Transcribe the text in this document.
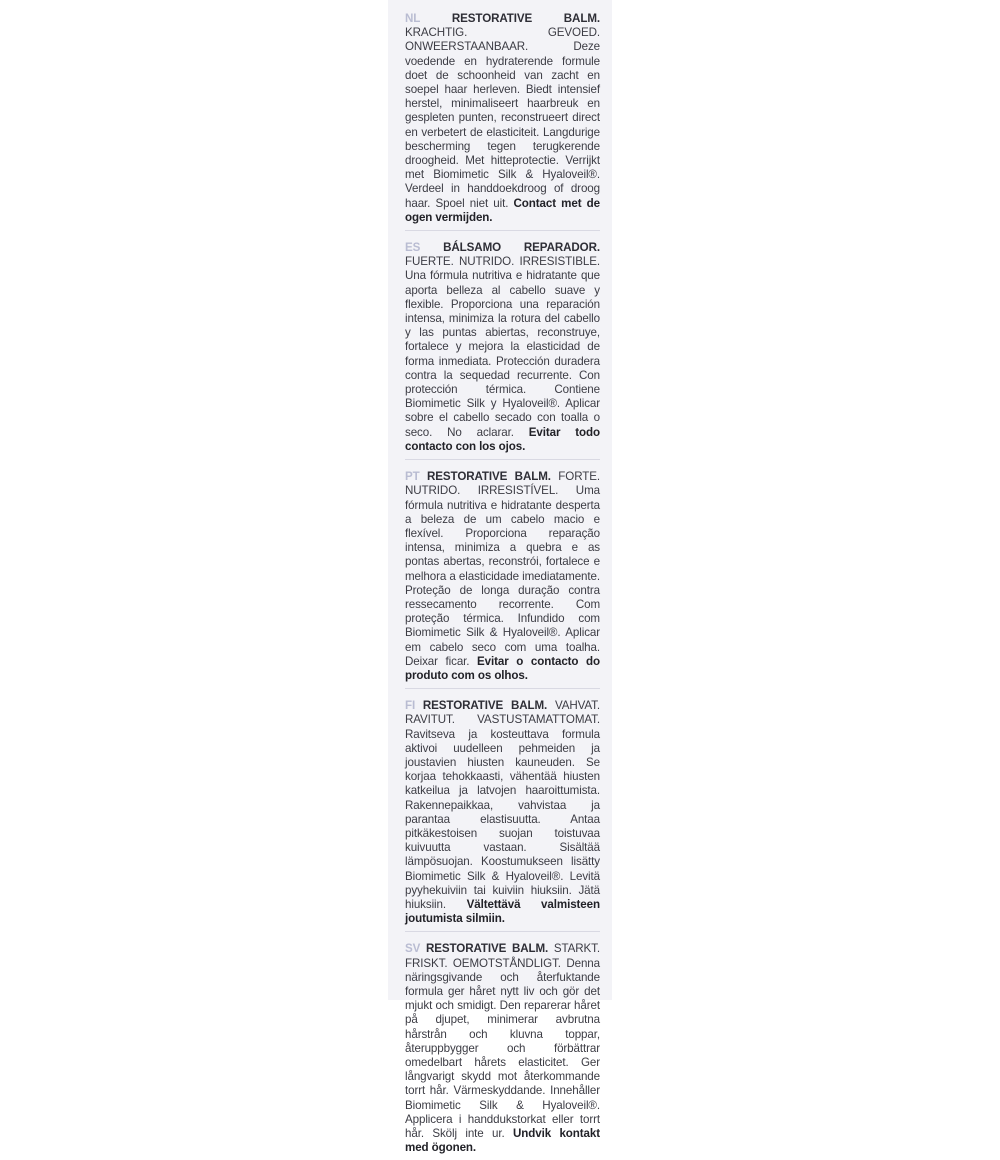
NL	RESTORATIVE BALM. KRACHTIG. GEVOED. ONWEERSTAANBAAR. Deze voedende en hydraterende formule doet de schoonheid van zacht en soepel haar herleven. Biedt intensief herstel, minimaliseert haarbreuk en gespleten punten, reconstrueert direct en verbetert de elasticiteit. Langdurige bescherming tegen terugkerende droogheid. Met hitteprotectie. Verrijkt met Biomimetic Silk & Hyaloveil®. Verdeel in handdoekdroog of droog haar. Spoel niet uit. Contact met de ogen vermijden.

ES BÁLSAMO REPARADOR. FUERTE. NUTRIDO. IRRESISTIBLE. Una fórmula nutritiva e hidratante que aporta belleza al cabello suave y flexible. Proporciona una reparación intensa, minimiza la rotura del cabello y las puntas abiertas, reconstruye, fortalece y mejora la elasticidad de forma inmediata. Protección duradera contra la sequedad recurrente. Con protección térmica. Contiene Biomimetic Silk y Hyaloveil®. Aplicar sobre el cabello secado con toalla o seco. No aclarar. Evitar todo contacto con los ojos.

PT RESTORATIVE BALM. FORTE. NUTRIDO. IRRESISTÍVEL. Uma fórmula nutritiva e hidratante desperta a beleza de um cabelo macio e flexível. Proporciona reparação intensa, minimiza a quebra e as pontas abertas, reconstrói, fortalece e melhora a elasticidade imediatamente. Proteção de longa duração contra ressecamento recorrente. Com proteção térmica. Infundido com Biomimetic Silk & Hyaloveil®. Aplicar em cabelo seco com uma toalha. Deixar ficar. Evitar o contacto do produto com os olhos.

FI RESTORATIVE BALM. VAHVAT. RAVITUT. VASTUSTAMATTOMAT. Ravitseva ja kosteuttava formula aktivoi uudelleen pehmeiden ja joustavien hiusten kauneuden. Se korjaa tehokkaasti, vähentää hiusten katkeilua ja latvojen haaroittumista. Rakennepaikkaa, vahvistaa ja parantaa elastisuutta. Antaa pitkäkestoisen suojan toistuvaa kuivuutta vastaan. Sisältää lämpösuojan. Koostumukseen lisätty Biomimetic Silk & Hyaloveil®. Levitä pyyhekuiviin tai kuiviin hiuksiin. Jätä hiuksiin. Vältettävä valmisteen joutumista silmiin.

SV RESTORATIVE BALM. STARKT. FRISKT. OEMOTSTÅNDLIGT. Denna näringsgivande och återfuktande formula ger håret nytt liv och gör det mjukt och smidigt. Den reparerar håret på djupet, minimerar avbrutna hårstrån och kluvna toppar, återuppbygger och förbättrar omedelbart hårets elasticitet. Ger långvarigt skydd mot återkommande torrt hår. Värmeskyddande. Innehåller Biomimetic Silk & Hyaloveil®. Applicera i handdukstorkat eller torrt hår. Skölj inte ur. Undvik kontakt med ögonen.
